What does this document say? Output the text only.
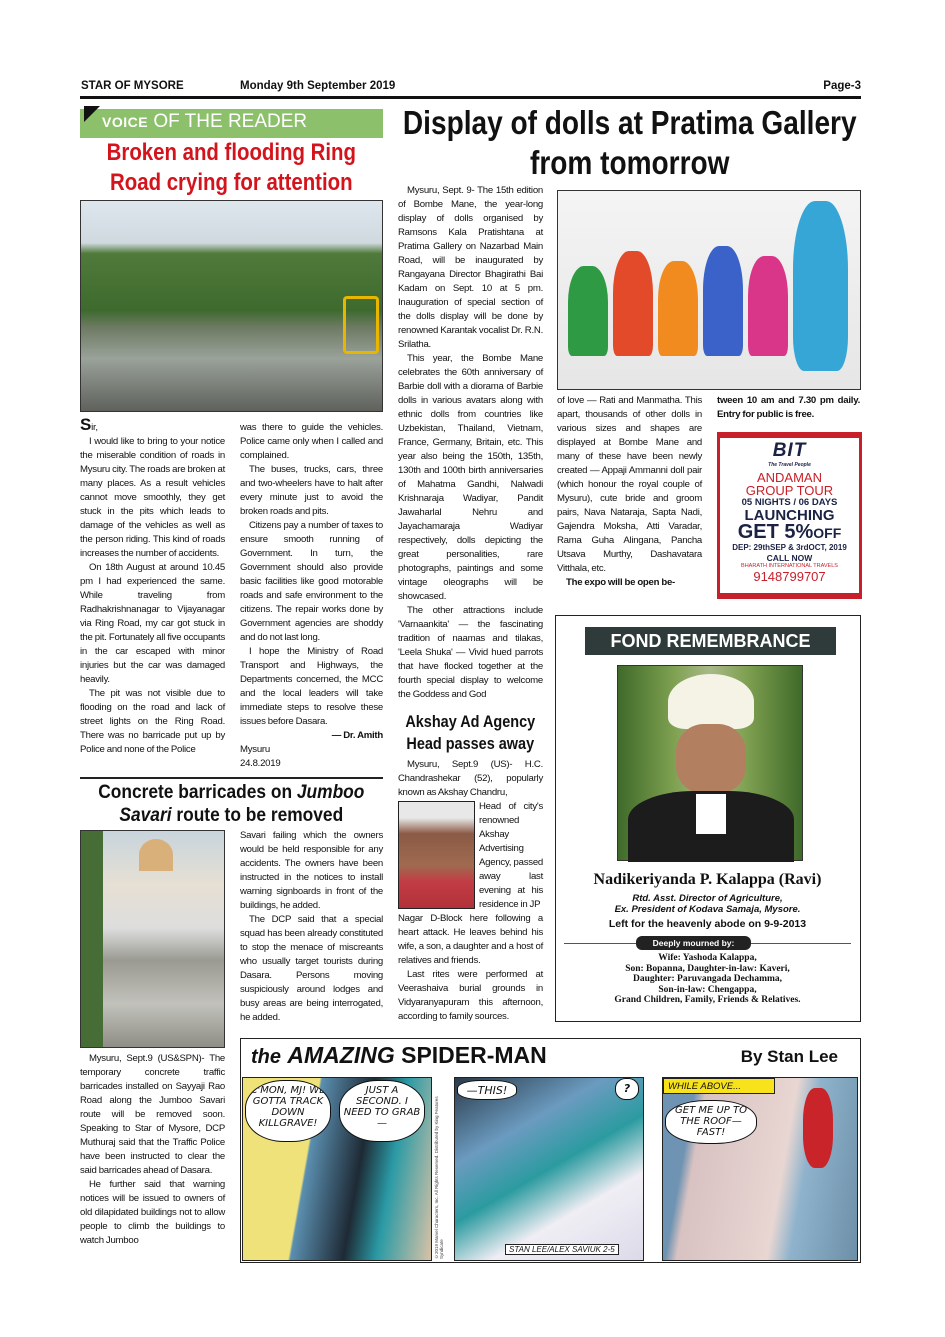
STAR OF MYSORE	Monday 9th September 2019	Page-3
VOICE OF THE READER
Broken and flooding Ring Road crying for attention

Sir,

I would like to bring to your notice the miserable condition of roads in Mysuru city. The roads are broken at many places. As a result vehicles cannot move smoothly, they get stuck in the pits which leads to damage of the vehicles as well as the person riding. This kind of roads increases the number of accidents.

On 18th August at around 10.45 pm I had experienced the same. While traveling from Radhakrishnanagar to Vijayanagar via Ring Road, my car got stuck in the pit. Fortunately all five occupants in the car escaped with minor injuries but the car was damaged heavily.

The pit was not visible due to flooding on the road and lack of street lights on the Ring Road. There was no barricade put up by Police and none of the Police

was there to guide the vehicles. Police came only when I called and complained.

The buses, trucks, cars, three and two-wheelers have to halt after every minute just to avoid the broken roads and pits.

Citizens pay a number of taxes to ensure smooth running of Government. In turn, the Government should also provide basic facilities like good motorable roads and safe environment to the citizens. The repair works done by Government agencies are shoddy and do not last long.

I hope the Ministry of Road Transport and Highways, the Departments concerned, the MCC and the local leaders will take immediate steps to resolve these issues before Dasara.

— Dr. Amith
Mysuru
24.8.2019
Concrete barricades on Jumboo
Savari route to be removed

Savari failing which the owners would be held responsible for any accidents. The owners have been instructed in the notices to install warning signboards in front of the buildings, he added.

The DCP said that a special squad has been already constituted to stop the menace of miscreants who usually target tourists during Dasara. Persons moving suspiciously around lodges and busy areas are being interrogated, he added.

Mysuru, Sept.9 (US&SPN)- The temporary concrete traffic barricades installed on Sayyaji Rao Road along the Jumboo Savari route will be removed soon. Speaking to Star of Mysore, DCP Muthuraj said that the Traffic Police have been instructed to clear the said barricades ahead of Dasara.

He further said that warning notices will be issued to owners of old dilapidated buildings not to allow people to climb the buildings to watch Jumboo

Display of dolls at Pratima Gallery from tomorrow

Mysuru, Sept. 9- The 15th edition of Bombe Mane, the year-long display of dolls organised by Ramsons Kala Pratishtana at Pratima Gallery on Nazarbad Main Road, will be inaugurated by Rangayana Director Bhagirathi Bai Kadam on Sept. 10 at 5 pm. Inauguration of special section of the dolls display will be done by renowned Karantak vocalist Dr. R.N. Srilatha.

This year, the Bombe Mane celebrates the 60th anniversary of Barbie doll with a diorama of Barbie dolls in various avatars along with ethnic dolls from countries like Uzbekistan, Thailand, Vietnam, France, Germany, Britain, etc. This year also being the 150th, 135th, 130th and 100th birth anniversaries of Mahatma Gandhi, Nalwadi Krishnaraja Wadiyar, Pandit Jawaharlal Nehru and Jayachamaraja Wadiyar respectively, dolls depicting the great personalities, rare photographs, paintings and some vintage oleographs will be showcased.

The other attractions include 'Varnaankita' — the fascinating tradition of naamas and tilakas, 'Leela Shuka' — Vivid hued parrots that have flocked together at the fourth special display to welcome the Goddess and God

of love — Rati and Manmatha. This apart, thousands of other dolls in various sizes and shapes are displayed at Bombe Mane and many of these have been newly created — Appaji Ammanni doll pair (which honour the royal couple of Mysuru), cute bride and groom pairs, Nava Nataraja, Sapta Nadi, Gajendra Moksha, Atti Varadar, Rama Guha Alingana, Pancha Utsava Murthy, Dashavatara Vitthala, etc.

The expo will be open be-

tween 10 am and 7.30 pm daily. Entry for public is free.
BIT
The Travel People
ANDAMAN
GROUP TOUR
05 NIGHTS / 06 DAYS
LAUNCHING
GET 5%OFF
DEP: 29thSEP & 3rdOCT, 2019
CALL NOW
BHARATH INTERNATIONAL TRAVELS
9148799707
Akshay Ad Agency
Head passes away

Mysuru, Sept.9 (US)- H.C. Chandrashekar (52), popularly known as Akshay Chandru,

Head of city's renowned Akshay Advertising Agency, passed away last evening at his residence in JP

Nagar D-Block here following a heart attack. He leaves behind his wife, a son, a daughter and a host of relatives and friends.

Last rites were performed at Veerashaiva burial grounds in Vidyaranyapuram this afternoon, according to family sources.

FOND REMEMBRANCE
Nadikeriyanda P. Kalappa (Ravi)
Rtd. Asst. Director of Agriculture,
Ex. President of Kodava Samaja, Mysore.
Left for the heavenly abode on 9-9-2013
Deeply mourned by:
Wife: Yashoda Kalappa,
Son: Bopanna, Daughter-in-law: Kaveri,
Daughter: Paruvangada Dechamma,
Son-in-law: Chengappa,
Grand Children, Family, Friends & Relatives.
the AMAZING SPIDER-MAN	By Stan Lee
C'MON, MJ! WE GOTTA TRACK DOWN KILLGRAVE!
JUST A SECOND. I NEED TO GRAB—	©2019 Marvel Characters, Inc. All Rights Reserved. Distributed by King Features Syndicate
—THIS!	?
STAN LEE/ALEX SAVIUK 2-5
WHILE ABOVE...
GET ME UP TO THE ROOF— FAST!
